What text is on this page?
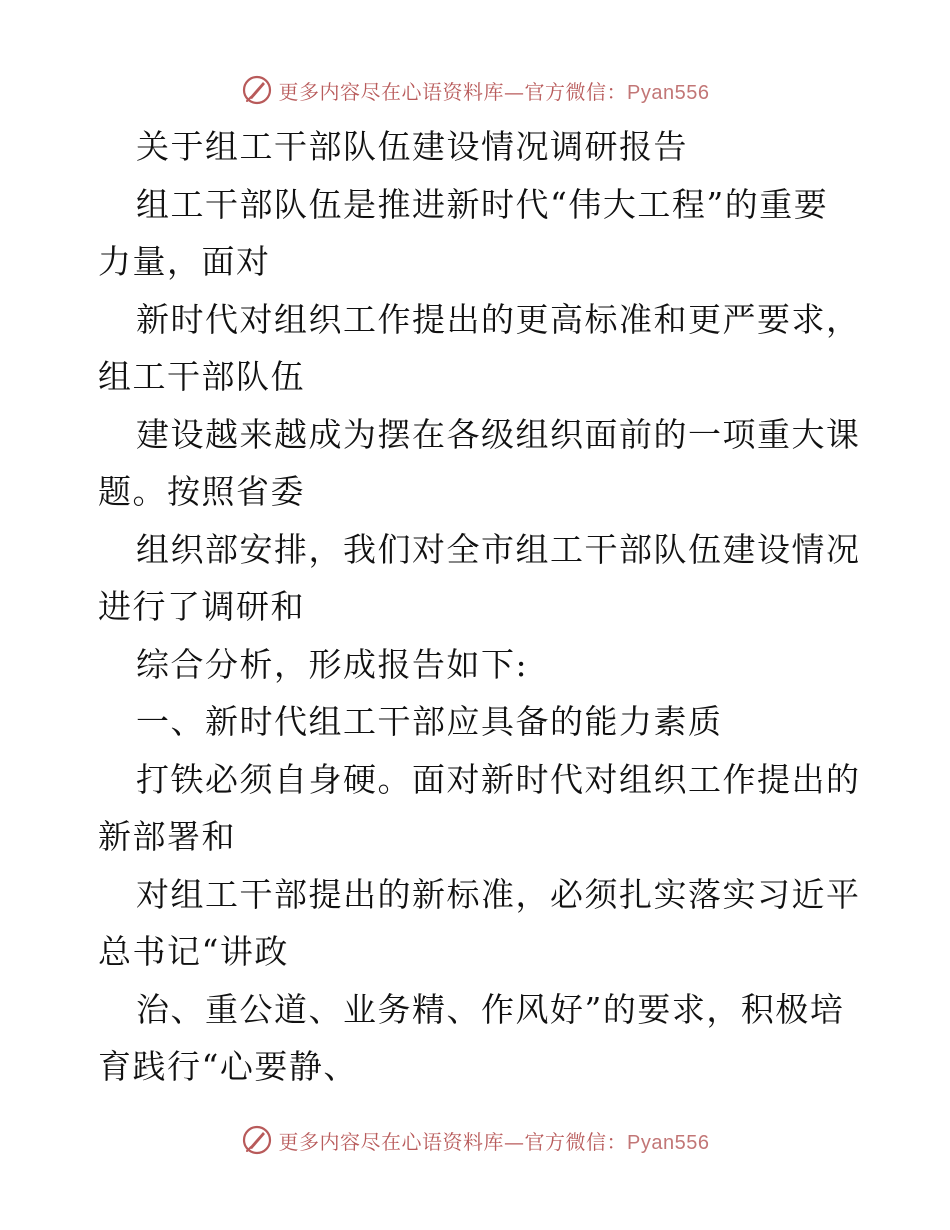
更多内容尽在心语资料库—官方微信：Pyan556
关于组工干部队伍建设情况调研报告
组工干部队伍是推进新时代“伟大工程”的重要
力量，面对
新时代对组织工作提出的更高标准和更严要求，
组工干部队伍
建设越来越成为摆在各级组织面前的一项重大课
题。按照省委
组织部安排，我们对全市组工干部队伍建设情况
进行了调研和
综合分析，形成报告如下:
一、新时代组工干部应具备的能力素质
打铁必须自身硬。面对新时代对组织工作提出的
新部署和
对组工干部提出的新标准，必须扎实落实习近平
总书记“讲政
治、重公道、业务精、作风好”的要求，积极培
育践行“心要静、
更多内容尽在心语资料库—官方微信：Pyan556
